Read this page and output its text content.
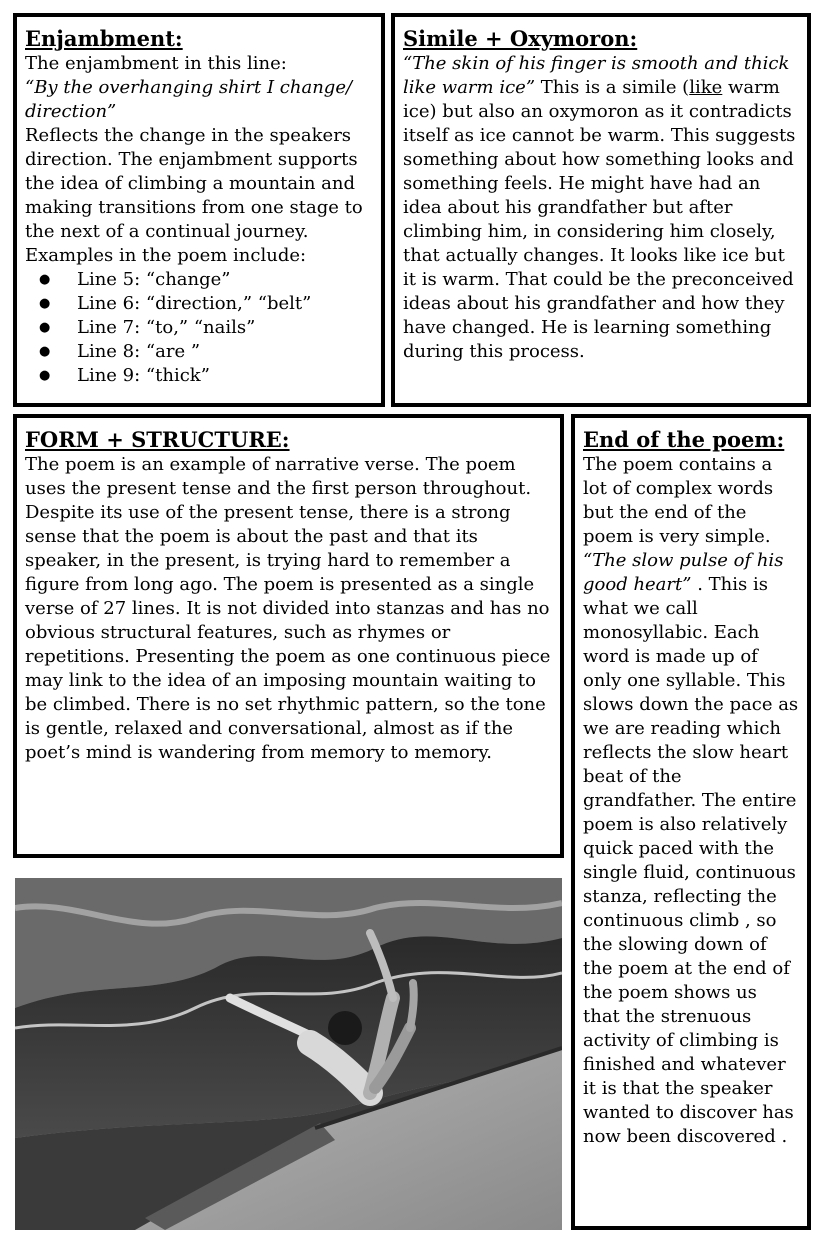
Enjambment:
The enjambment in this line:
“By the overhanging shirt I change/ direction”
Reflects the change in the speakers direction. The enjambment supports the idea of climbing a mountain and making transitions from one stage to the next of a continual journey.
Examples in the poem include:
● Line 5: “change”
● Line 6: “direction,” “belt”
● Line 7: “to,” “nails”
● Line 8: “are ”
● Line 9: “thick”
Simile + Oxymoron:
“The skin of his finger is smooth and thick like warm ice” This is a simile (like warm ice) but also an oxymoron as it contradicts itself as ice cannot be warm. This suggests something about how something looks and something feels. He might have had an idea about his grandfather but after climbing him, in considering him closely, that actually changes. It looks like ice but it is warm. That could be the preconceived ideas about his grandfather and how they have changed. He is learning something during this process.
FORM + STRUCTURE:
The poem is an example of narrative verse. The poem uses the present tense and the first person throughout. Despite its use of the present tense, there is a strong sense that the poem is about the past and that its speaker, in the present, is trying hard to remember a figure from long ago. The poem is presented as a single verse of 27 lines. It is not divided into stanzas and has no obvious structural features, such as rhymes or repetitions. Presenting the poem as one continuous piece may link to the idea of an imposing mountain waiting to be climbed. There is no set rhythmic pattern, so the tone is gentle, relaxed and conversational, almost as if the poet’s mind is wandering from memory to memory.
End of the poem:
The poem contains a lot of complex words but the end of the poem is very simple. “The slow pulse of his good heart” . This is what we call monosyllabic. Each word is made up of only one syllable. This slows down the pace as we are reading which reflects the slow heart beat of the grandfather. The entire poem is also relatively quick paced with the single fluid, continuous stanza, reflecting the continuous climb , so the slowing down of the poem at the end of the poem shows us that the strenuous activity of climbing is finished and whatever it is that the speaker wanted to discover has now been discovered .
